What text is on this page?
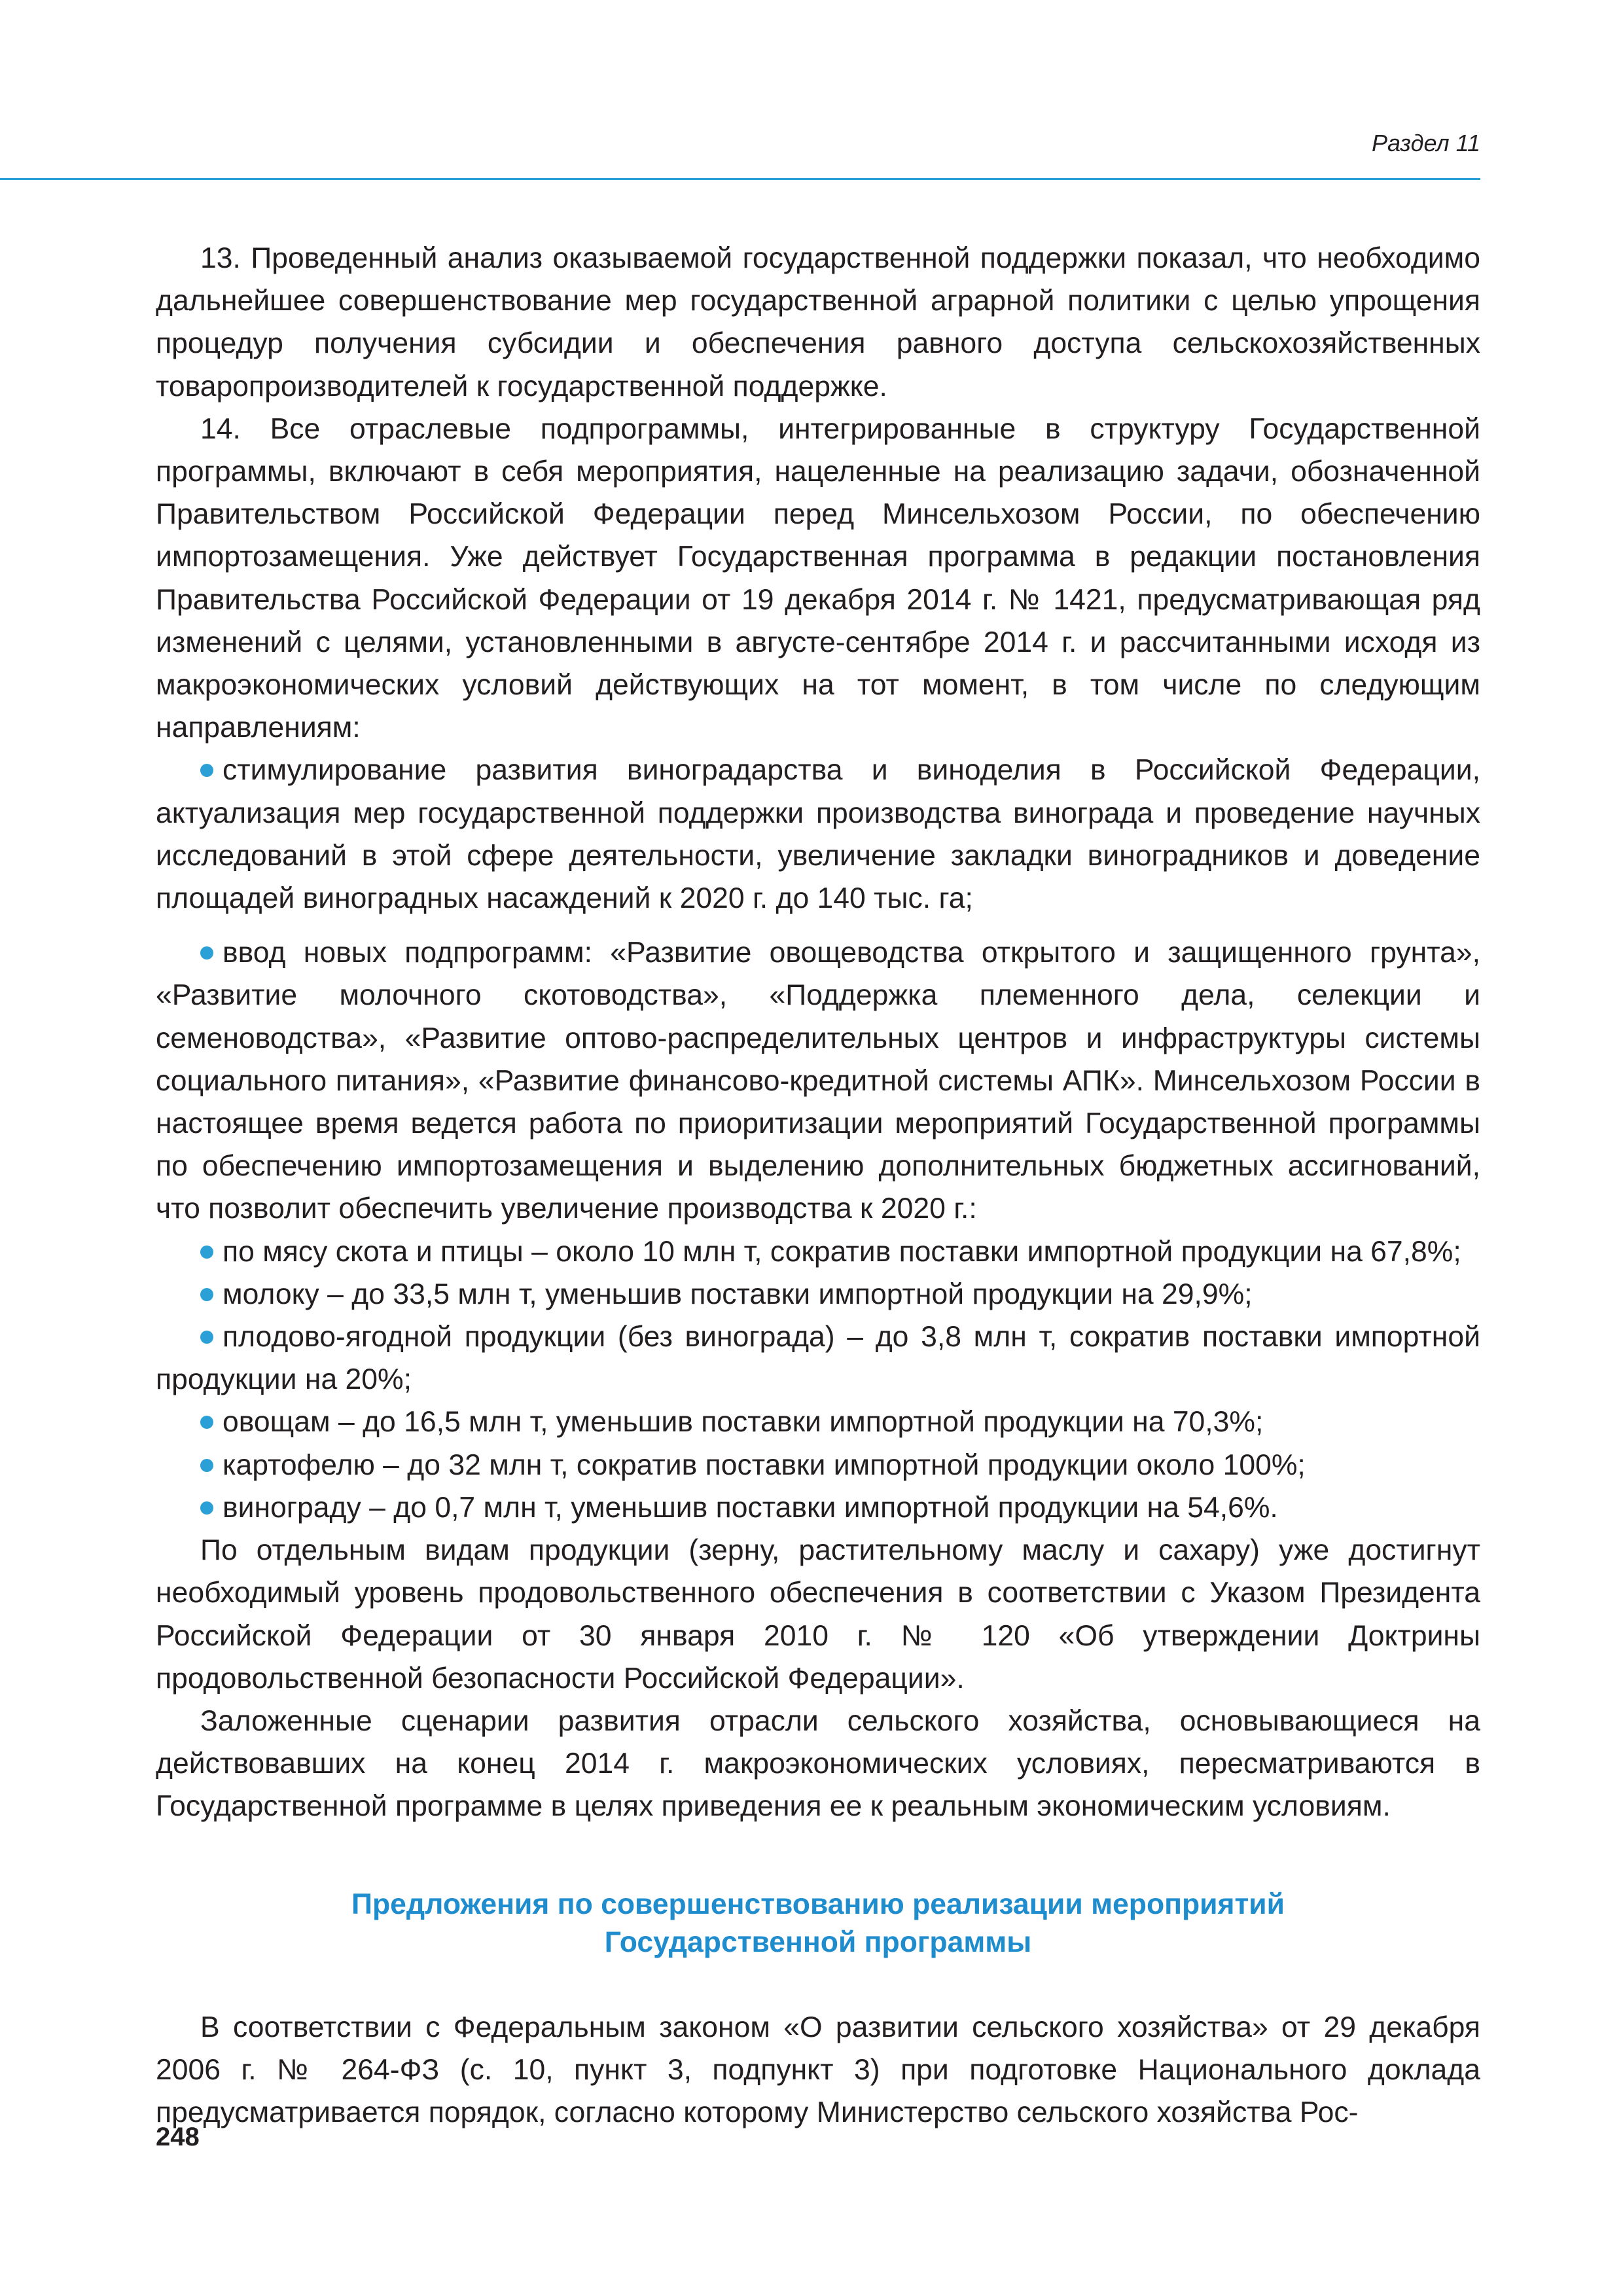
Раздел 11

13. Проведенный анализ оказываемой государственной поддержки показал, что необходимо дальнейшее совершенствование мер государственной аграрной политики с целью упрощения процедур получения субсидии и обеспечения равного доступа сельскохозяйственных товаропроизводителей к государственной поддержке.

14. Все отраслевые подпрограммы, интегрированные в структуру Государственной программы, включают в себя мероприятия, нацеленные на реализацию задачи, обозначенной Правительством Российской Федерации перед Минсельхозом России, по обеспечению импортозамещения. Уже действует Государственная программа в редакции постановления Правительства Российской Федерации от 19 декабря 2014 г. № 1421, предусматривающая ряд изменений с целями, установленными в августе-сентябре 2014 г. и рассчитанными исходя из макроэкономических условий действующих на тот момент, в том числе по следующим направлениям:

стимулирование развития виноградарства и виноделия в Российской Федерации, актуализация мер государственной поддержки производства винограда и проведение научных исследований в этой сфере деятельности, увеличение закладки виноградников и доведение площадей виноградных насаждений к 2020 г. до 140 тыс. га;

ввод новых подпрограмм: «Развитие овощеводства открытого и защищенного грунта», «Развитие молочного скотоводства», «Поддержка племенного дела, селекции и семеноводства», «Развитие оптово-распределительных центров и инфраструктуры системы социального питания», «Развитие финансово-кредитной системы АПК». Минсельхозом России в настоящее время ведется работа по приоритизации мероприятий Государственной программы по обеспечению импортозамещения и выделению дополнительных бюджетных ассигнований, что позволит обеспечить увеличение производства к 2020 г.:

по мясу скота и птицы – около 10 млн т, сократив поставки импортной продукции на 67,8%;

молоку – до 33,5 млн т, уменьшив поставки импортной продукции на 29,9%;

плодово-ягодной продукции (без винограда) – до 3,8 млн т, сократив поставки импортной продукции на 20%;

овощам – до 16,5 млн т, уменьшив поставки импортной продукции на 70,3%;

картофелю – до 32 млн т, сократив поставки импортной продукции около 100%;

винограду – до 0,7 млн т, уменьшив поставки импортной продукции на 54,6%.

По отдельным видам продукции (зерну, растительному маслу и сахару) уже достигнут необходимый уровень продовольственного обеспечения в соответствии с Указом Президента Российской Федерации от 30 января 2010 г. № 120 «Об утверждении Доктрины продовольственной безопасности Российской Федерации».

Заложенные сценарии развития отрасли сельского хозяйства, основывающиеся на действовавших на конец 2014 г. макроэкономических условиях, пересматриваются в Государственной программе в целях приведения ее к реальным экономическим условиям.

Предложения по совершенствованию реализации мероприятий
Государственной программы

В соответствии с Федеральным законом «О развитии сельского хозяйства» от 29 декабря 2006 г. № 264-ФЗ (с. 10, пункт 3, подпункт 3) при подготовке Национального доклада предусматривается порядок, согласно которому Министерство сельского хозяйства Рос-

248
